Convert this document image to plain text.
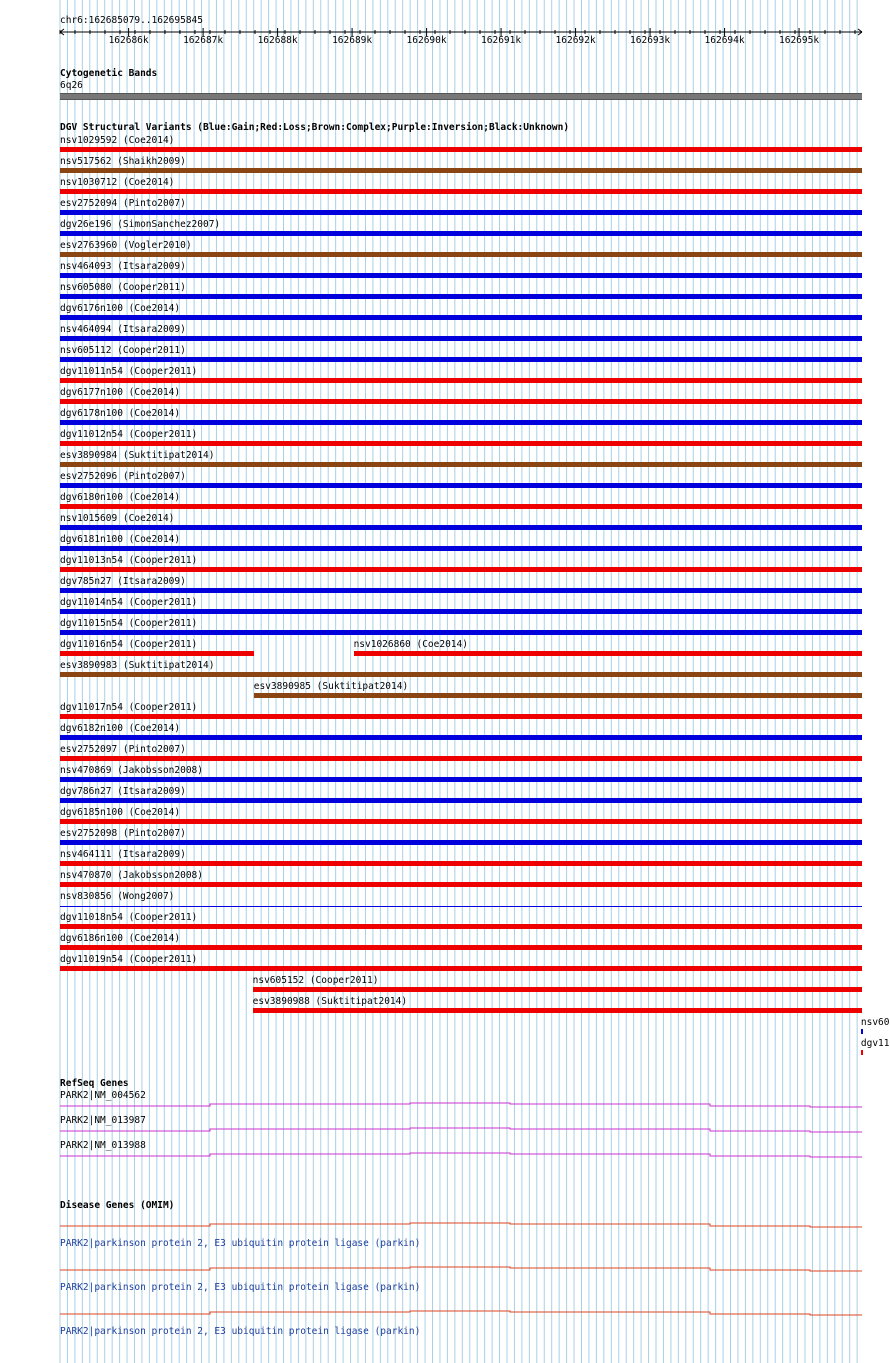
chr6:162685079..162695845
162686k	162687k	162688k	162689k	162690k	162691k	162692k	162693k	162694k	162695k
Cytogenetic Bands
6q26
DGV Structural Variants (Blue:Gain;Red:Loss;Brown:Complex;Purple:Inversion;Black:Unknown)
nsv1029592 (Coe2014)
nsv517562 (Shaikh2009)
nsv1030712 (Coe2014)
esv2752094 (Pinto2007)
dgv26e196 (SimonSanchez2007)
esv2763960 (Vogler2010)
nsv464093 (Itsara2009)
nsv605080 (Cooper2011)
dgv6176n100 (Coe2014)
nsv464094 (Itsara2009)
nsv605112 (Cooper2011)
dgv11011n54 (Cooper2011)
dgv6177n100 (Coe2014)
dgv6178n100 (Coe2014)
dgv11012n54 (Cooper2011)
esv3890984 (Suktitipat2014)
esv2752096 (Pinto2007)
dgv6180n100 (Coe2014)
nsv1015609 (Coe2014)
dgv6181n100 (Coe2014)
dgv11013n54 (Cooper2011)
dgv785n27 (Itsara2009)
dgv11014n54 (Cooper2011)
dgv11015n54 (Cooper2011)
dgv11016n54 (Cooper2011)	nsv1026860 (Coe2014)
esv3890983 (Suktitipat2014)
esv3890985 (Suktitipat2014)
dgv11017n54 (Cooper2011)
dgv6182n100 (Coe2014)
esv2752097 (Pinto2007)
nsv470869 (Jakobsson2008)
dgv786n27 (Itsara2009)
dgv6185n100 (Coe2014)
esv2752098 (Pinto2007)
nsv464111 (Itsara2009)
nsv470870 (Jakobsson2008)
nsv830856 (Wong2007)
dgv11018n54 (Cooper2011)
dgv6186n100 (Coe2014)
dgv11019n54 (Cooper2011)
nsv605152 (Cooper2011)
esv3890988 (Suktitipat2014)
nsv60
dgv11
RefSeq Genes
PARK2|NM_004562
PARK2|NM_013987
PARK2|NM_013988
Disease Genes (OMIM)
PARK2|parkinson protein 2, E3 ubiquitin protein ligase (parkin)
PARK2|parkinson protein 2, E3 ubiquitin protein ligase (parkin)
PARK2|parkinson protein 2, E3 ubiquitin protein ligase (parkin)
